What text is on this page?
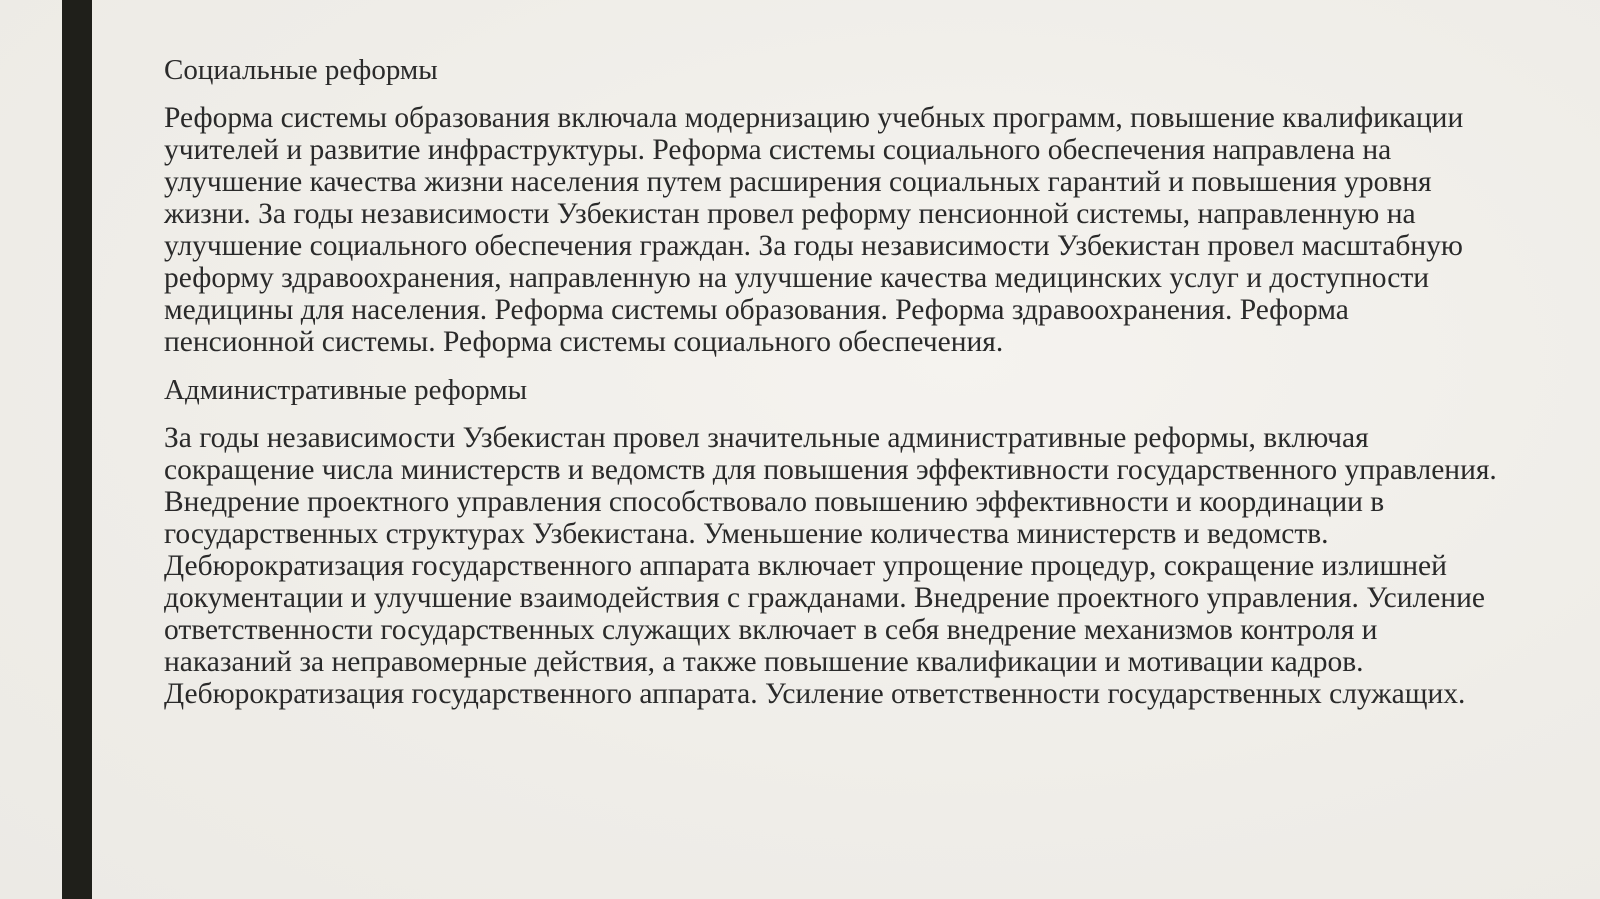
Социальные реформы

Реформа системы образования включала модернизацию учебных программ, повышение квалификации учителей и развитие инфраструктуры. Реформа системы социального обеспечения направлена на улучшение качества жизни населения путем расширения социальных гарантий и повышения уровня жизни. За годы независимости Узбекистан провел реформу пенсионной системы, направленную на улучшение социального обеспечения граждан. За годы независимости Узбекистан провел масштабную реформу здравоохранения, направленную на улучшение качества медицинских услуг и доступности медицины для населения. Реформа системы образования. Реформа здравоохранения. Реформа пенсионной системы. Реформа системы социального обеспечения.

Административные реформы

За годы независимости Узбекистан провел значительные административные реформы, включая сокращение числа министерств и ведомств для повышения эффективности государственного управления. Внедрение проектного управления способствовало повышению эффективности и координации в государственных структурах Узбекистана. Уменьшение количества министерств и ведомств. Дебюрократизация государственного аппарата включает упрощение процедур, сокращение излишней документации и улучшение взаимодействия с гражданами. Внедрение проектного управления. Усиление ответственности государственных служащих включает в себя внедрение механизмов контроля и наказаний за неправомерные действия, а также повышение квалификации и мотивации кадров. Дебюрократизация государственного аппарата. Усиление ответственности государственных служащих.
